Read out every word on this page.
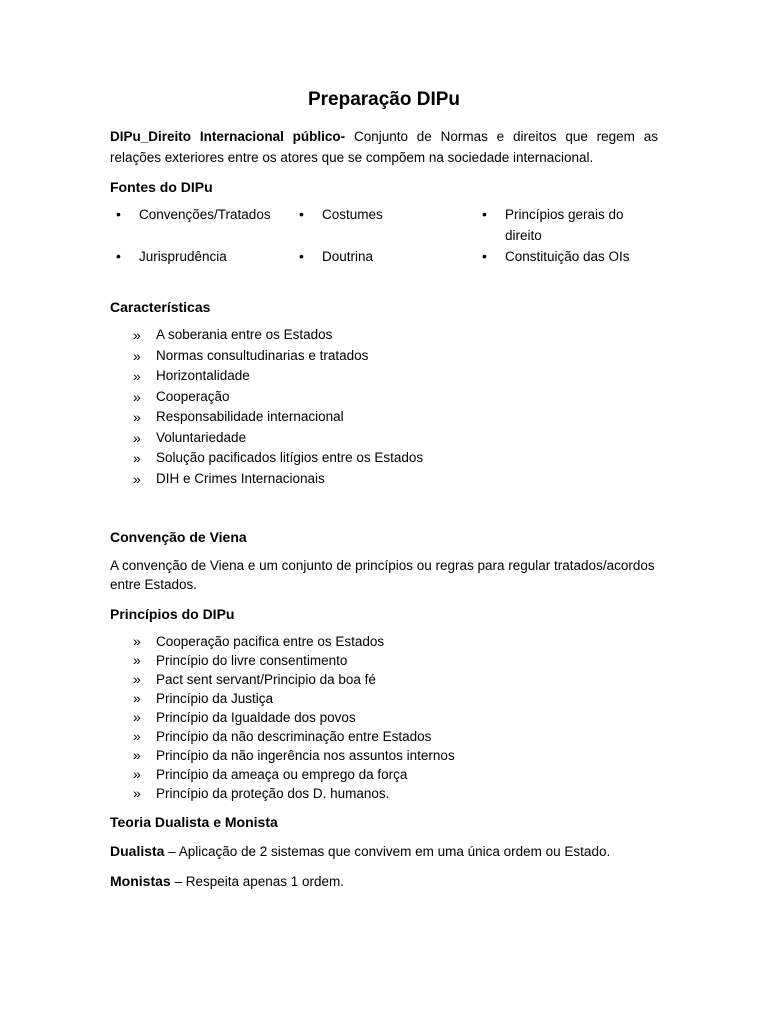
Preparação DIPu

DIPu_Direito Internacional público- Conjunto de Normas e direitos que regem as relações exteriores entre os atores que se compõem na sociedade internacional.

Fontes do DIPu
• Convenções/Tratados	• Costumes	• Princípios gerais do direito
• Jurisprudência	• Doutrina	• Constituição das OIs
Características
» A soberania entre os Estados
» Normas consultudinarias e tratados
» Horizontalidade
» Cooperação
» Responsabilidade internacional
» Voluntariedade
» Solução pacificados litígios entre os Estados
» DIH e Crimes Internacionais
Convenção de Viena

A convenção de Viena e um conjunto de princípios ou regras para regular tratados/acordos entre Estados.

Princípios do DIPu
» Cooperação pacifica entre os Estados
» Princípio do livre consentimento
» Pact sent servant/Principio da boa fé
» Princípio da Justiça
» Princípio da Igualdade dos povos
» Princípio da não descriminação entre Estados
» Princípio da não ingerência nos assuntos internos
» Princípio da ameaça ou emprego da força
» Princípio da proteção dos D. humanos.
Teoria Dualista e Monista

Dualista – Aplicação de 2 sistemas que convivem em uma única ordem ou Estado.

Monistas – Respeita apenas 1 ordem.
